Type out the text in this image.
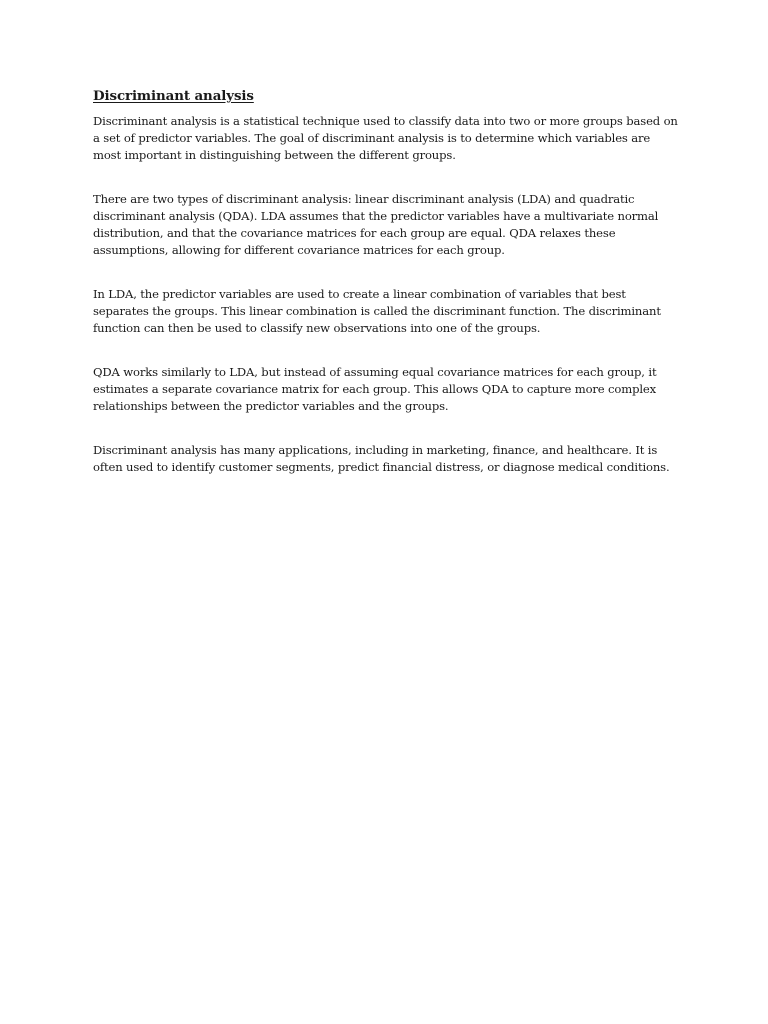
Discriminant analysis

Discriminant analysis is a statistical technique used to classify data into two or more groups based on a set of predictor variables. The goal of discriminant analysis is to determine which variables are most important in distinguishing between the different groups.

There are two types of discriminant analysis: linear discriminant analysis (LDA) and quadratic discriminant analysis (QDA). LDA assumes that the predictor variables have a multivariate normal distribution, and that the covariance matrices for each group are equal. QDA relaxes these assumptions, allowing for different covariance matrices for each group.

In LDA, the predictor variables are used to create a linear combination of variables that best separates the groups. This linear combination is called the discriminant function. The discriminant function can then be used to classify new observations into one of the groups.

QDA works similarly to LDA, but instead of assuming equal covariance matrices for each group, it estimates a separate covariance matrix for each group. This allows QDA to capture more complex relationships between the predictor variables and the groups.

Discriminant analysis has many applications, including in marketing, finance, and healthcare. It is often used to identify customer segments, predict financial distress, or diagnose medical conditions.
